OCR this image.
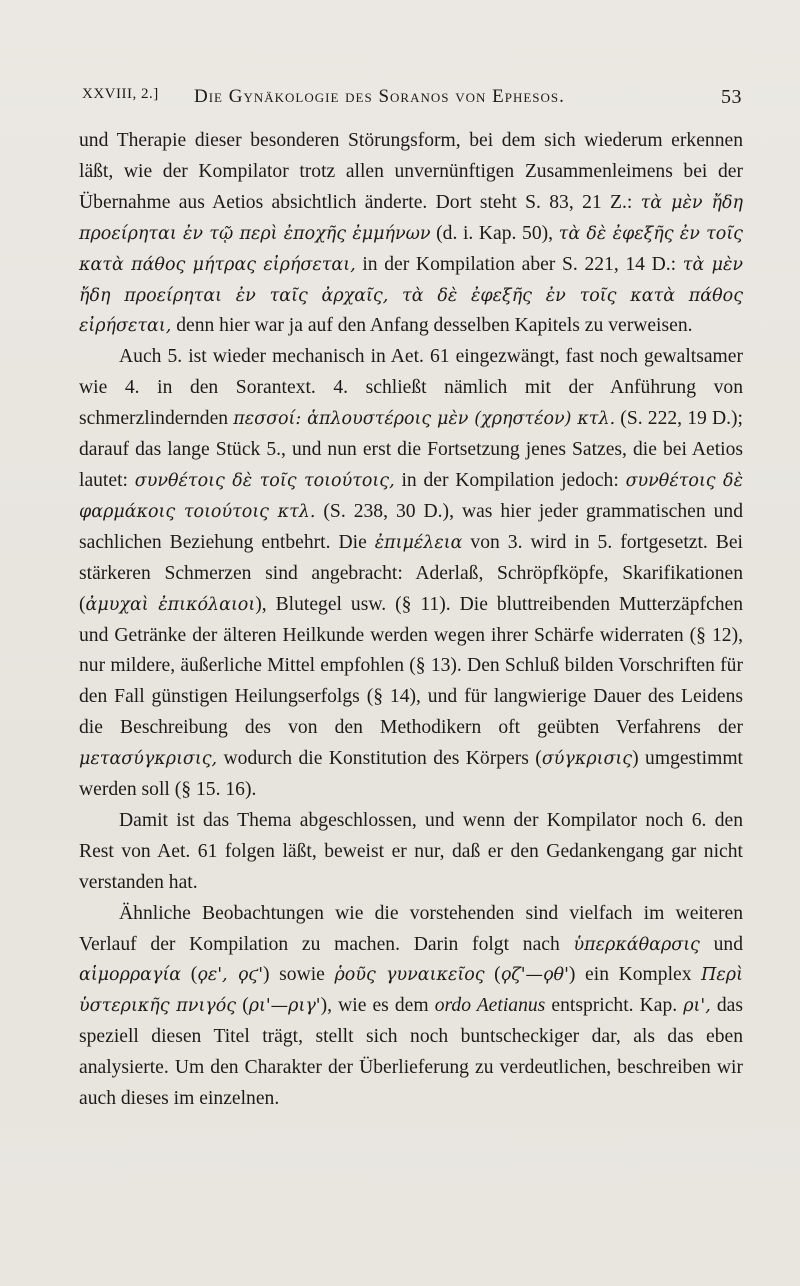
XXVIII, 2.] Die Gynäkologie des Soranos von Ephesos.	53

und Therapie dieser besonderen Störungsform, bei dem sich wiederum erkennen läßt, wie der Kompilator trotz allen unvernünftigen Zusammenleimens bei der Übernahme aus Aetios absichtlich änderte. Dort steht S. 83, 21 Z.: τὰ μὲν ἤδη προείρηται ἐν τῷ περὶ ἐποχῆς ἐμμήνων (d. i. Kap. 50), τὰ δὲ ἐφεξῆς ἐν τοῖς κατὰ πάθος μήτρας εἰρήσεται, in der Kompilation aber S. 221, 14 D.: τὰ μὲν ἤδη προείρηται ἐν ταῖς ἀρχαῖς, τὰ δὲ ἐφεξῆς ἐν τοῖς κατὰ πάθος εἰρήσεται, denn hier war ja auf den Anfang desselben Kapitels zu verweisen.

Auch 5. ist wieder mechanisch in Aet. 61 eingezwängt, fast noch gewaltsamer wie 4. in den Sorantext. 4. schließt nämlich mit der Anführung von schmerzlindernden πεσσοί: ἁπλουστέροις μὲν (χρηστέον) κτλ. (S. 222, 19 D.); darauf das lange Stück 5., und nun erst die Fortsetzung jenes Satzes, die bei Aetios lautet: συνθέτοις δὲ τοῖς τοιούτοις, in der Kompilation jedoch: συνθέτοις δὲ φαρμάκοις τοιούτοις κτλ. (S. 238, 30 D.), was hier jeder grammatischen und sachlichen Beziehung entbehrt. Die ἐπιμέλεια von 3. wird in 5. fortgesetzt. Bei stärkeren Schmerzen sind angebracht: Aderlaß, Schröpfköpfe, Skarifikationen (ἀμυχαὶ ἐπικόλαιοι), Blutegel usw. (§ 11). Die bluttreibenden Mutterzäpfchen und Getränke der älteren Heilkunde werden wegen ihrer Schärfe widerraten (§ 12), nur mildere, äußerliche Mittel empfohlen (§ 13). Den Schluß bilden Vorschriften für den Fall günstigen Heilungserfolgs (§ 14), und für langwierige Dauer des Leidens die Beschreibung des von den Methodikern oft geübten Verfahrens der μετασύγκρισις, wodurch die Konstitution des Körpers (σύγκρισις) umgestimmt werden soll (§ 15. 16).

Damit ist das Thema abgeschlossen, und wenn der Kompilator noch 6. den Rest von Aet. 61 folgen läßt, beweist er nur, daß er den Gedankengang gar nicht verstanden hat.

Ähnliche Beobachtungen wie die vorstehenden sind vielfach im weiteren Verlauf der Kompilation zu machen. Darin folgt nach ὑπερκάθαρσις und αἱμορραγία (ϙε', ϙϛ') sowie ῥοῦς γυναικεῖος (ϙζ'—ϙθ') ein Komplex Περὶ ὑστερικῆς πνιγός (ρι'—ριγ'), wie es dem ordo Aetianus entspricht. Kap. ρι', das speziell diesen Titel trägt, stellt sich noch buntscheckiger dar, als das eben analysierte. Um den Charakter der Überlieferung zu verdeutlichen, beschreiben wir auch dieses im einzelnen.
